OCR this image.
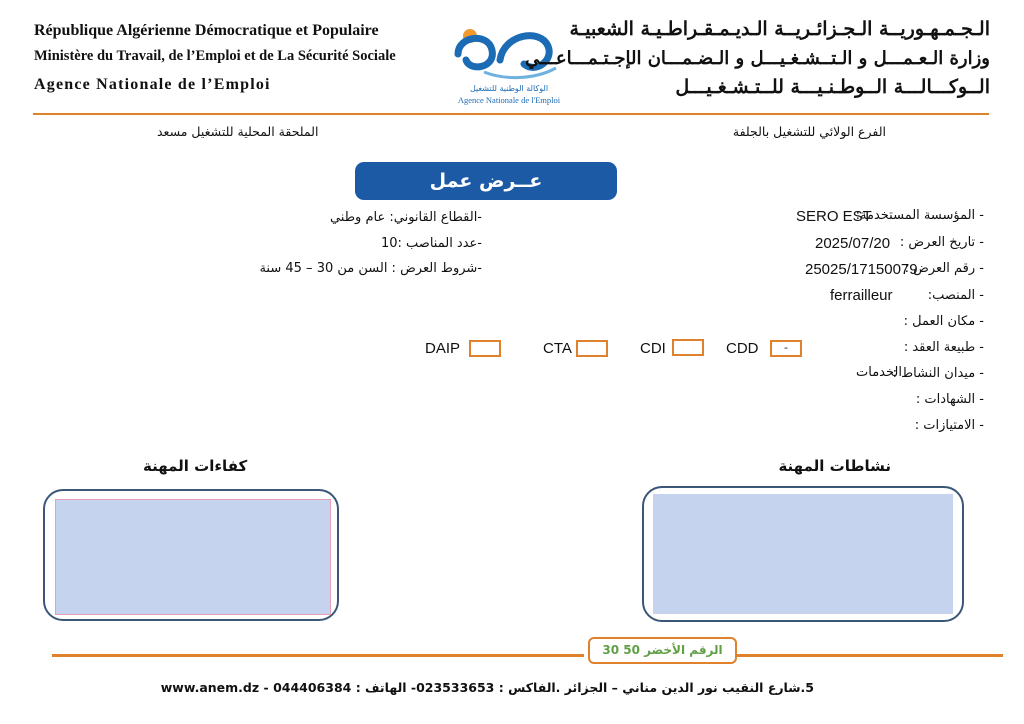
République Algérienne Démocratique et Populaire
Ministère du Travail, de l’Emploi et de La Sécurité Sociale
Agence Nationale de l’Emploi	الوكالة الوطنية للتشغيل
Agence Nationale de l'Emploi
الـجـمـهـوريــة الـجـزائـريــة الـديـمـقـراطـيـة الشعبيـة
وزارة الـعـمـــل و الـتــشـغـيـــل و الـضـمـــان الإجـتـمـــاعـــي
الــوكـــالـــة الــوطـنـيـــة للــتـشـغـيـــل
الفرع الولائي للتشغيل بالجلفة
الملحقة المحلية للتشغيل مسعد
عــرض عمل
- المؤسسة المستخدمة:
SERO EST
- تاريخ العرض :
2025/07/20
- رقم العرض :
25025/17150079
- المنصب:
ferrailleur
- مكان العمل :
- طبيعة العقد :
- ميدان النشاط :
الخدمات
- الشهادات :
- الامتيازات :
-القطاع القانوني: عام وطني
-عدد المناصب :10
-شروط العرض : السن من 30 – 45 سنة
CDD	-
CDI
CTA
DAIP
نشاطات المهنة
كفاءات المهنة
الرقم الأخضر 50 30
5.شارع النقيب نور الدين مناني – الجزائر .الفاكس : 023533653- الهاتف : 044406384 - www.anem.dz
